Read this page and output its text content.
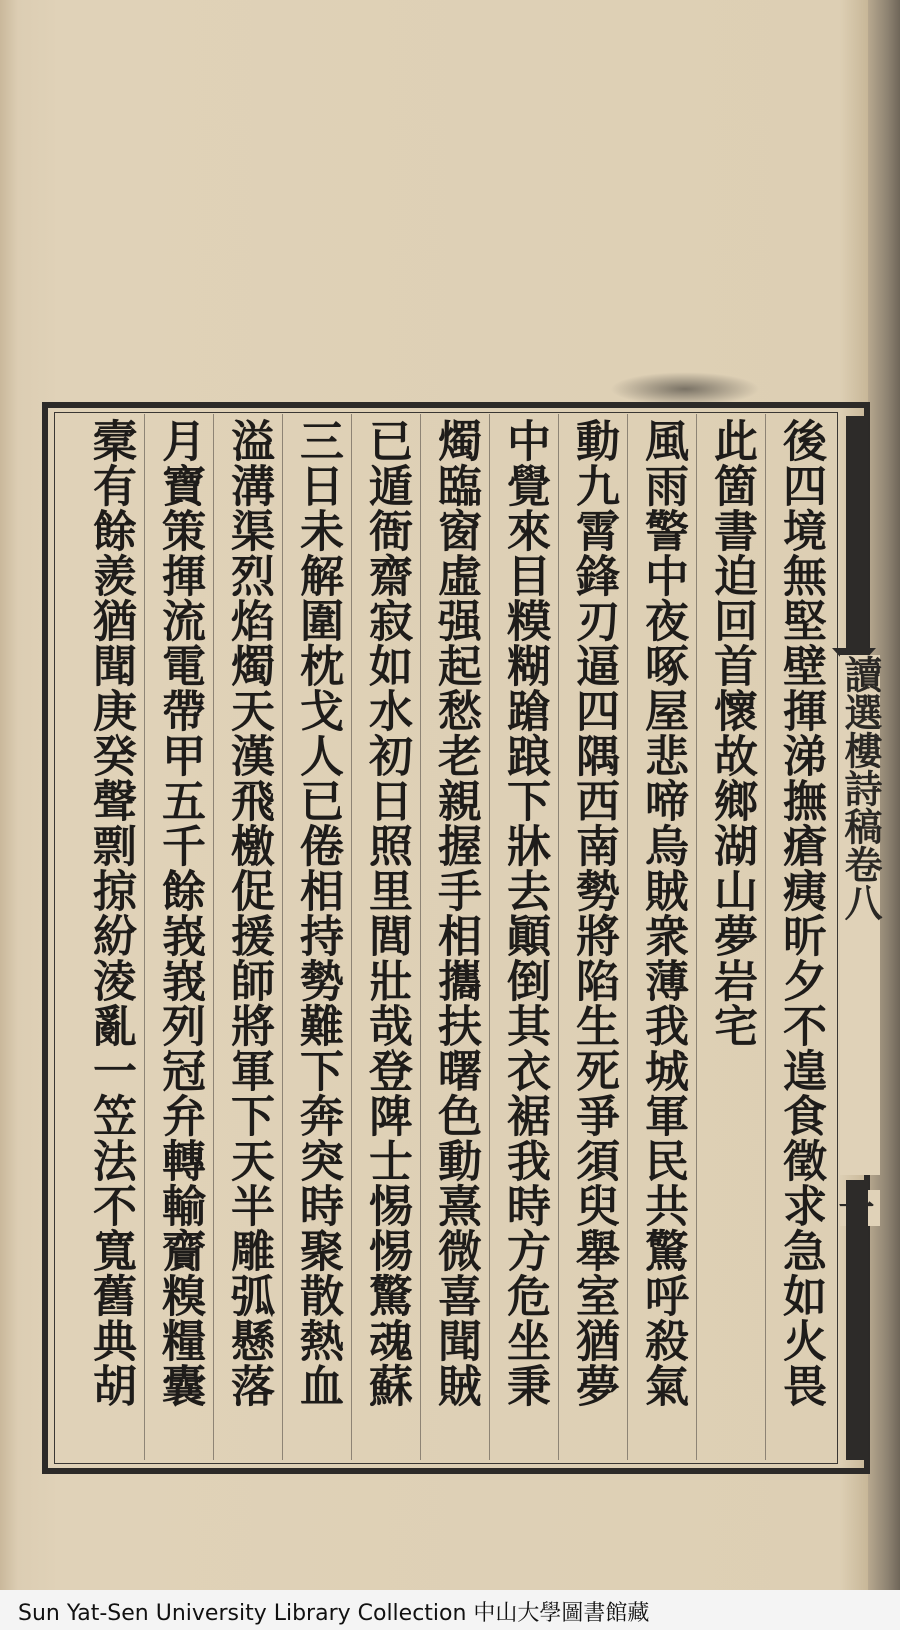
讀選樓詩稿卷八
後四境無堅壁揮涕撫瘡痍昕夕不遑食徵求急如火畏
此箇書迫回首懷故鄉湖山夢岩宅
風雨警中夜啄屋悲啼烏賊衆薄我城軍民共驚呼殺氣
動九霄鋒刃逼四隅西南勢將陷生死爭須臾舉室猶夢
中覺來目糢糊蹌踉下牀去顚倒其衣裾我時方危坐秉
燭臨窗虛强起愁老親握手相攜扶曙色動熹微喜聞賊
已遁衙齋寂如水初日照里閭壯哉登陴士惕惕驚魂蘇
三日未解圍枕戈人已倦相持勢難下奔突時聚散熱血
溢溝渠烈焰燭天漢飛檄促援師將軍下天半雕弧懸落
月寶策揮流電帶甲五千餘峩峩列冠弁轉輸齎糗糧囊
槖有餘羨猶聞庚癸聲剽掠紛淩亂一笠法不寬舊典胡
Sun Yat-Sen University Library Collection 中山大學圖書館藏
